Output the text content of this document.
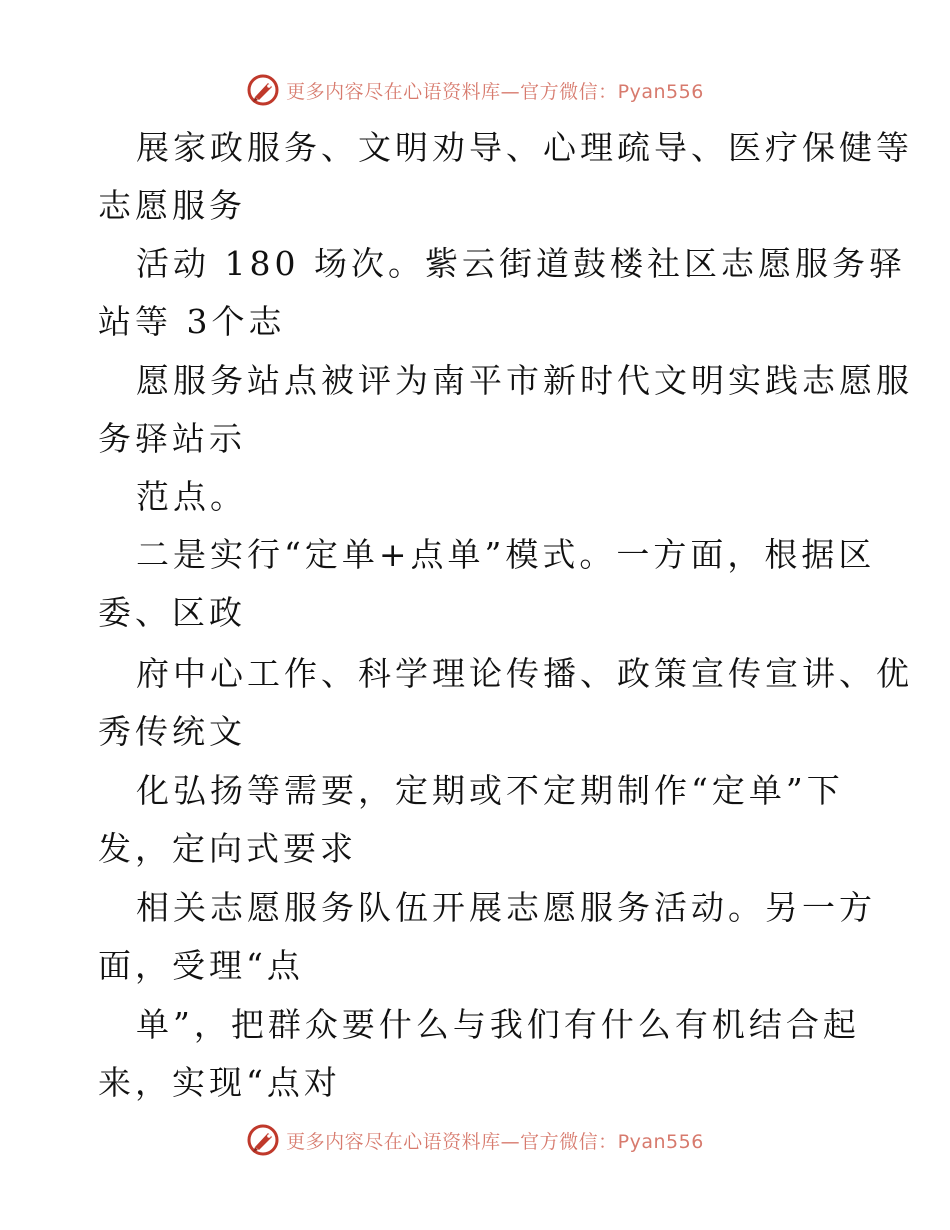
更多内容尽在心语资料库—官方微信：Pyan556
展家政服务、文明劝导、心理疏导、医疗保健等
志愿服务
活动 180 场次。紫云街道鼓楼社区志愿服务驿
站等 3个志
愿服务站点被评为南平市新时代文明实践志愿服
务驿站示
范点。
二是实行“定单+点单”模式。一方面，根据区
委、区政
府中心工作、科学理论传播、政策宣传宣讲、优
秀传统文
化弘扬等需要，定期或不定期制作“定单”下
发，定向式要求
相关志愿服务队伍开展志愿服务活动。另一方
面，受理“点
单”，把群众要什么与我们有什么有机结合起
来，实现“点对
更多内容尽在心语资料库—官方微信：Pyan556
